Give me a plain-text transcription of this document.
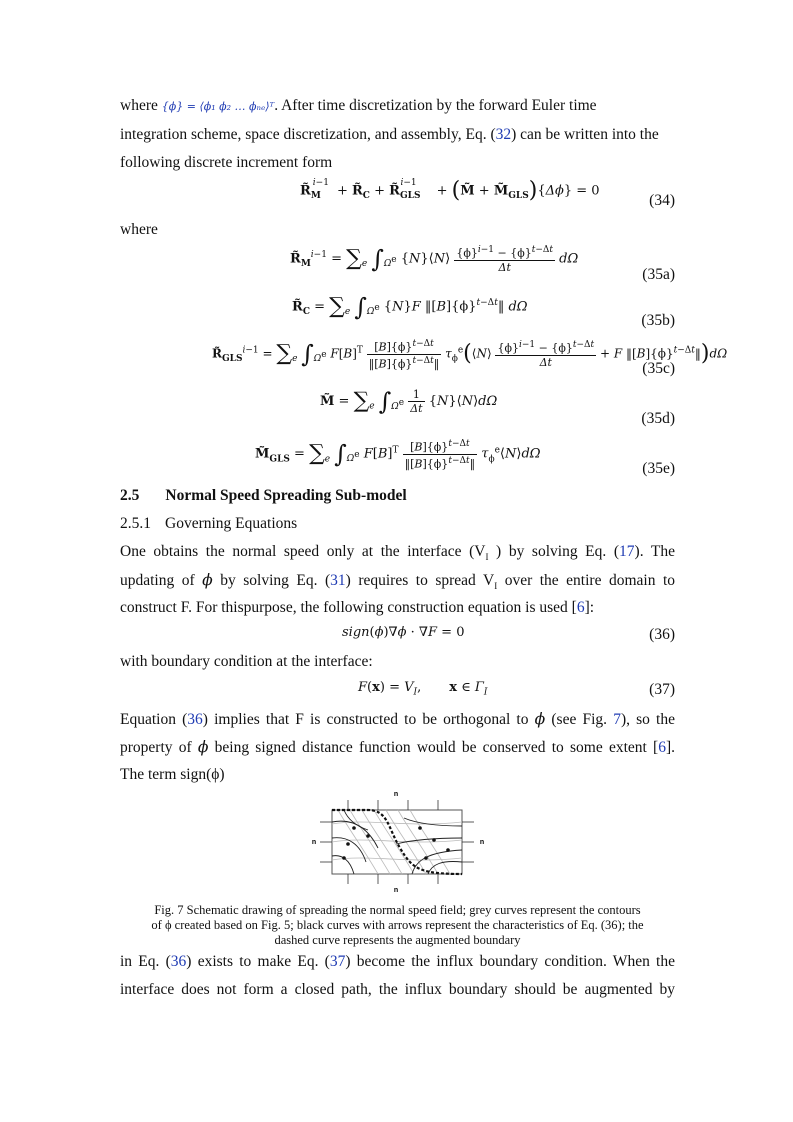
where {ϕ} = ⟨ϕ₁ ϕ₂ … ϕₙₑ⟩ᵀ. After time discretization by the forward Euler time
integration scheme, space discretization, and assembly, Eq. (32) can be written into the
following discrete increment form
$R̃_M^{i-1}+$ $R̃_C$ + $R̃_{GLS}^{i-1}+$ (M̃ + $M̃_{GLS})\{\Delta\phi\} = 0$
(34)
where
$R̃_M^{i-1} = \sum_e$ $\int_{\Omega^e}$ {N}⟨N⟩ $\frac{\{\phi\}^{i-1} - \{\phi\}^{t-\Delta t}}{\Delta t}$ dΩ
(35a)
$R̃_C = \sum_e$ $\int_{\Omega^e}$ {N}F $‖[B]\{\phi\}^{t-\Delta t}‖$ dΩ
(35b)
$R̃_{GLS}^{i-1} = \sum_e$ $\int_{\Omega^e}$ $F[B]^T \frac{[B]\{\phi\}^{t-\Delta t}}{‖[B]\{\phi\}^{t-\Delta t}‖}$ $\tau_\phi^e(⟨N⟩ \frac{\{\phi\}^{i-1} - \{\phi\}^{t-\Delta t}}{\Delta t} + F$ $‖[B]\{\phi\}^{t-\Delta t}‖)d\Omega$
(35c)
M̃ = $\sum_e$ $\int_{\Omega^e} \frac{1}{\Delta t}$ {N}⟨N⟩dΩ
(35d)
$M̃_{GLS} = \sum_e$ $\int_{\Omega^e}$ $F[B]^T \frac{[B]\{\phi\}^{t-\Delta t}}{‖[B]\{\phi\}^{t-\Delta t}‖}$ $\tau_\phi^e⟨N⟩d\Omega$
(35e)
2.5 Normal Speed Spreading Sub-model
2.5.1 Governing Equations
One obtains the normal speed only at the interface ($V_I$ ) by solving Eq. (17). The
updating of ϕ by solving Eq. (31) requires to spread $V_I$ over the entire domain to
construct F. For thispurpose, the following construction equation is used [6]:
sign(ϕ)∇ϕ · ∇F = 0	(36)
with boundary condition at the interface:
$F(x) = V_I$, x ∈ $\Gamma_I$	(37)
Equation (36) implies that F is constructed to be orthogonal to ϕ (see Fig. 7), so the
property of ϕ being signed distance function would be conserved to some extent [6].
The term sign(ϕ)
n
n
n	n
Fig. 7 Schematic drawing of spreading the normal speed field; grey curves represent the contours
of ϕ created based on Fig. 5; black curves with arrows represent the characteristics of Eq. (36); the
dashed curve represents the augmented boundary
in Eq. (36) exists to make Eq. (37) become the influx boundary condition. When the
interface does not form a closed path, the influx boundary should be augmented by
